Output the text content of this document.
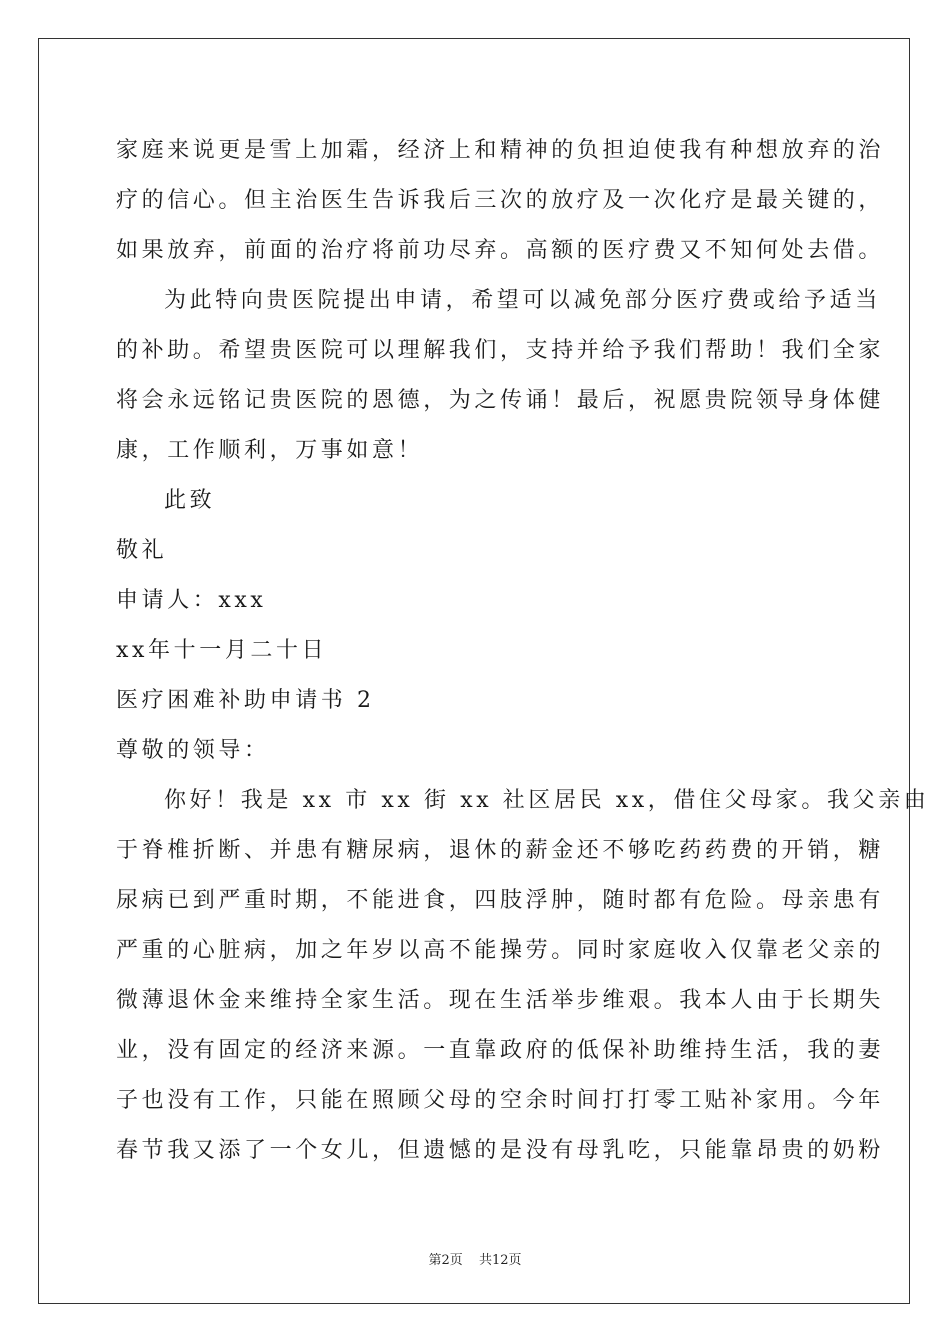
家庭来说更是雪上加霜，经济上和精神的负担迫使我有种想放弃的治
疗的信心。但主治医生告诉我后三次的放疗及一次化疗是最关键的，
如果放弃，前面的治疗将前功尽弃。高额的医疗费又不知何处去借。
为此特向贵医院提出申请，希望可以减免部分医疗费或给予适当
的补助。希望贵医院可以理解我们，支持并给予我们帮助！我们全家
将会永远铭记贵医院的恩德，为之传诵！最后，祝愿贵院领导身体健
康，工作顺利，万事如意！
此致
敬礼
申请人：xxx
xx年十一月二十日
医疗困难补助申请书 2
尊敬的领导：
你好！我是 xx 市 xx 街 xx 社区居民 xx，借住父母家。我父亲由
于脊椎折断、并患有糖尿病，退休的薪金还不够吃药药费的开销，糖
尿病已到严重时期，不能进食，四肢浮肿，随时都有危险。母亲患有
严重的心脏病，加之年岁以高不能操劳。同时家庭收入仅靠老父亲的
微薄退休金来维持全家生活。现在生活举步维艰。我本人由于长期失
业，没有固定的经济来源。一直靠政府的低保补助维持生活，我的妻
子也没有工作，只能在照顾父母的空余时间打打零工贴补家用。今年
春节我又添了一个女儿，但遗憾的是没有母乳吃，只能靠昂贵的奶粉
第2页 共12页
